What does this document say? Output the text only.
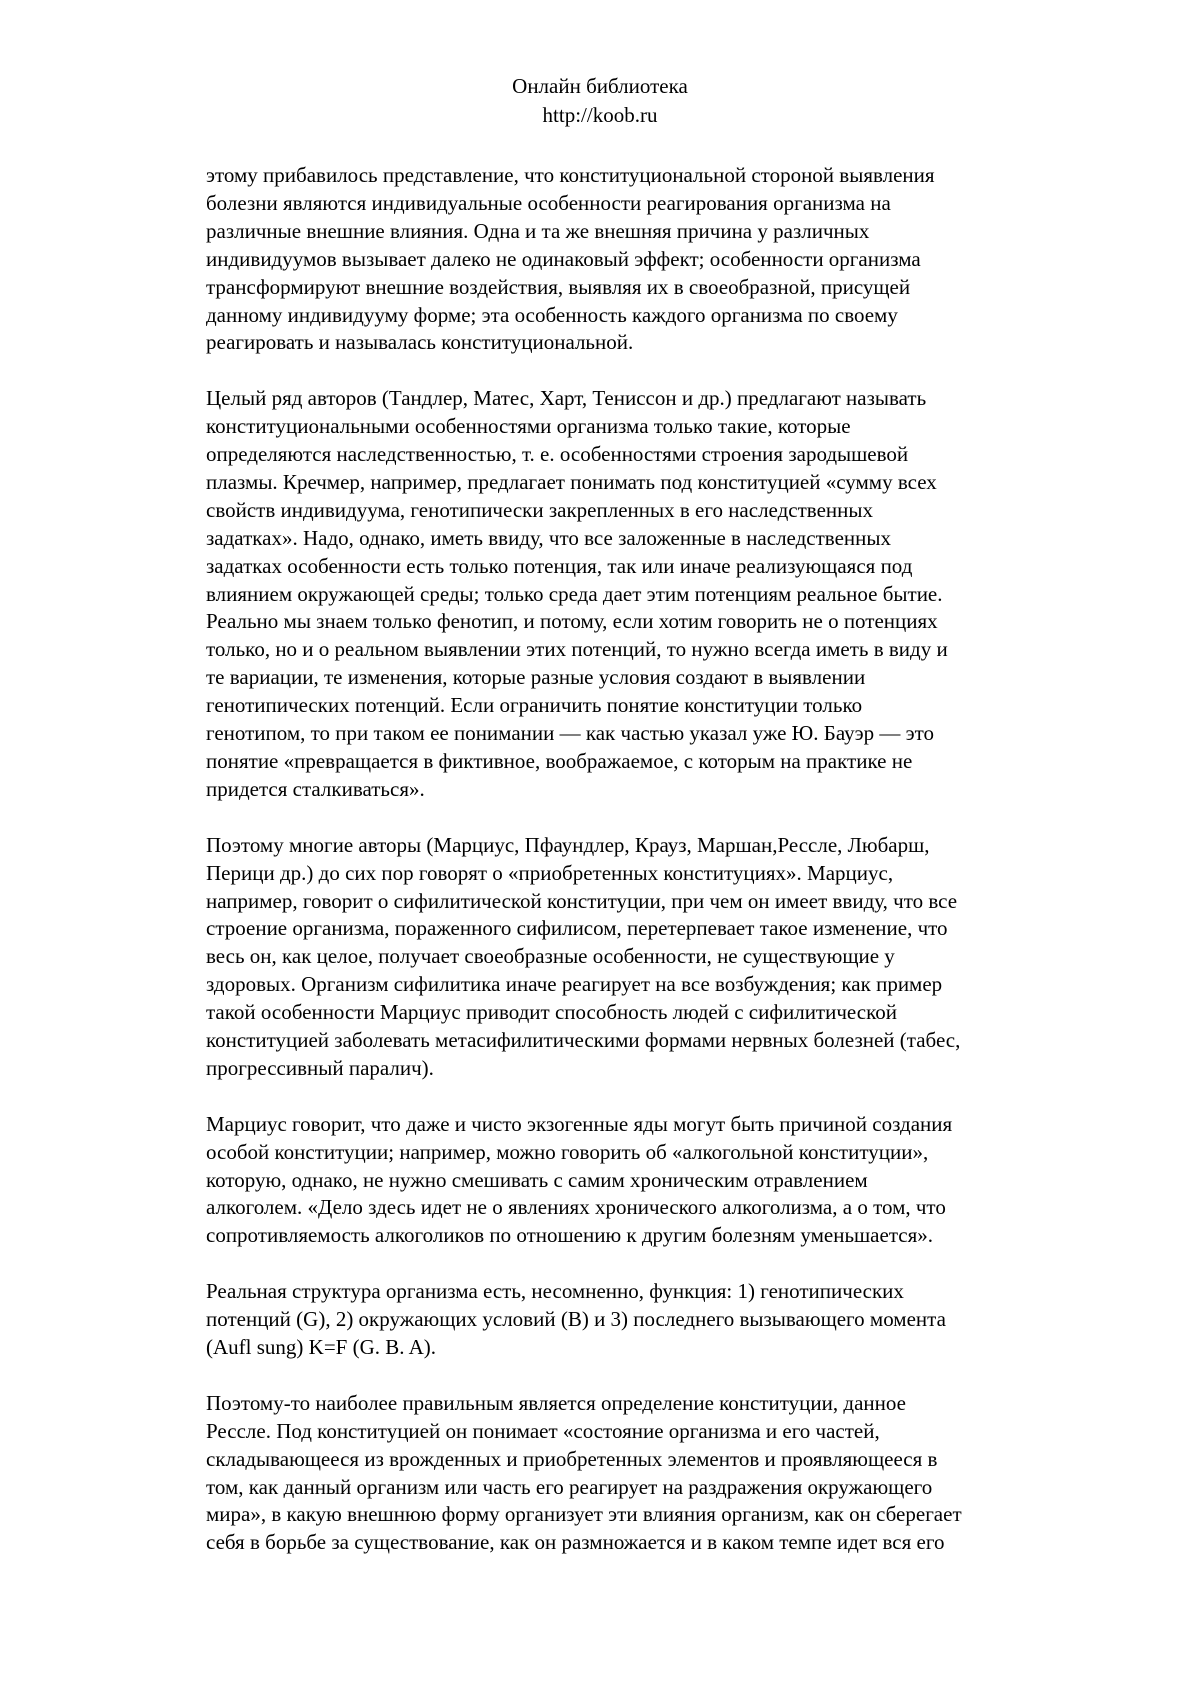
Онлайн библиотека
http://koob.ru
этому прибавилось представление, что конституциональной стороной выявления
болезни являются индивидуальные особенности реагирования организма на
различные внешние влияния. Одна и та же внешняя причина у различных
индивидуумов вызывает далеко не одинаковый эффект; особенности организма
трансформируют внешние воздействия, выявляя их в своеобразной, присущей
данному индивидууму форме; эта особенность каждого организма по своему
реагировать и называлась конституциональной.
Целый ряд авторов (Тандлер, Матес, Харт, Тениссон и др.) предлагают называть
конституциональными особенностями организма только такие, которые
определяются наследственностью, т. е. особенностями строения зародышевой
плазмы. Кречмер, например, предлагает понимать под конституцией «сумму всех
свойств индивидуума, генотипически закрепленных в его наследственных
задатках». Надо, однако, иметь ввиду, что все заложенные в наследственных
задатках особенности есть только потенция, так или иначе реализующаяся под
влиянием окружающей среды; только среда дает этим потенциям реальное бытие.
Реально мы знаем только фенотип, и потому, если хотим говорить не о потенциях
только, но и о реальном выявлении этих потенций, то нужно всегда иметь в виду и
те вариации, те изменения, которые разные условия создают в выявлении
генотипических потенций. Если ограничить понятие конституции только
генотипом, то при таком ее понимании — как частью указал уже Ю. Бауэр — это
понятие «превращается в фиктивное, воображаемое, с которым на практике не
придется сталкиваться».
Поэтому многие авторы (Марциус, Пфаундлер, Крауз, Маршан,Рессле, Любарш,
Перици др.) до сих пор говорят о «приобретенных конституциях». Марциус,
например, говорит о сифилитической конституции, при чем он имеет ввиду, что все
строение организма, пораженного сифилисом, перетерпевает такое изменение, что
весь он, как целое, получает своеобразные особенности, не существующие у
здоровых. Организм сифилитика иначе реагирует на все возбуждения; как пример
такой особенности Марциус приводит способность людей с сифилитической
конституцией заболевать метасифилитическими формами нервных болезней (табес,
прогрессивный паралич).
Марциус говорит, что даже и чисто экзогенные яды могут быть причиной создания
особой конституции; например, можно говорить об «алкогольной конституции»,
которую, однако, не нужно смешивать с самим хроническим отравлением
алкоголем. «Дело здесь идет не о явлениях хронического алкоголизма, а о том, что
сопротивляемость алкоголиков по отношению к другим болезням уменьшается».
Реальная структура организма есть, несомненно, функция: 1) генотипических
потенций (G), 2) окружающих условий (В) и 3) последнего вызывающего момента
(Aufl sung) K=F (G. B. A).
Поэтому-то наиболее правильным является определение конституции, данное
Рессле. Под конституцией он понимает «состояние организма и его частей,
складывающееся из врожденных и приобретенных элементов и проявляющееся в
том, как данный организм или часть его реагирует на раздражения окружающего
мира», в какую внешнюю форму организует эти влияния организм, как он сберегает
себя в борьбе за существование, как он размножается и в каком темпе идет вся его
